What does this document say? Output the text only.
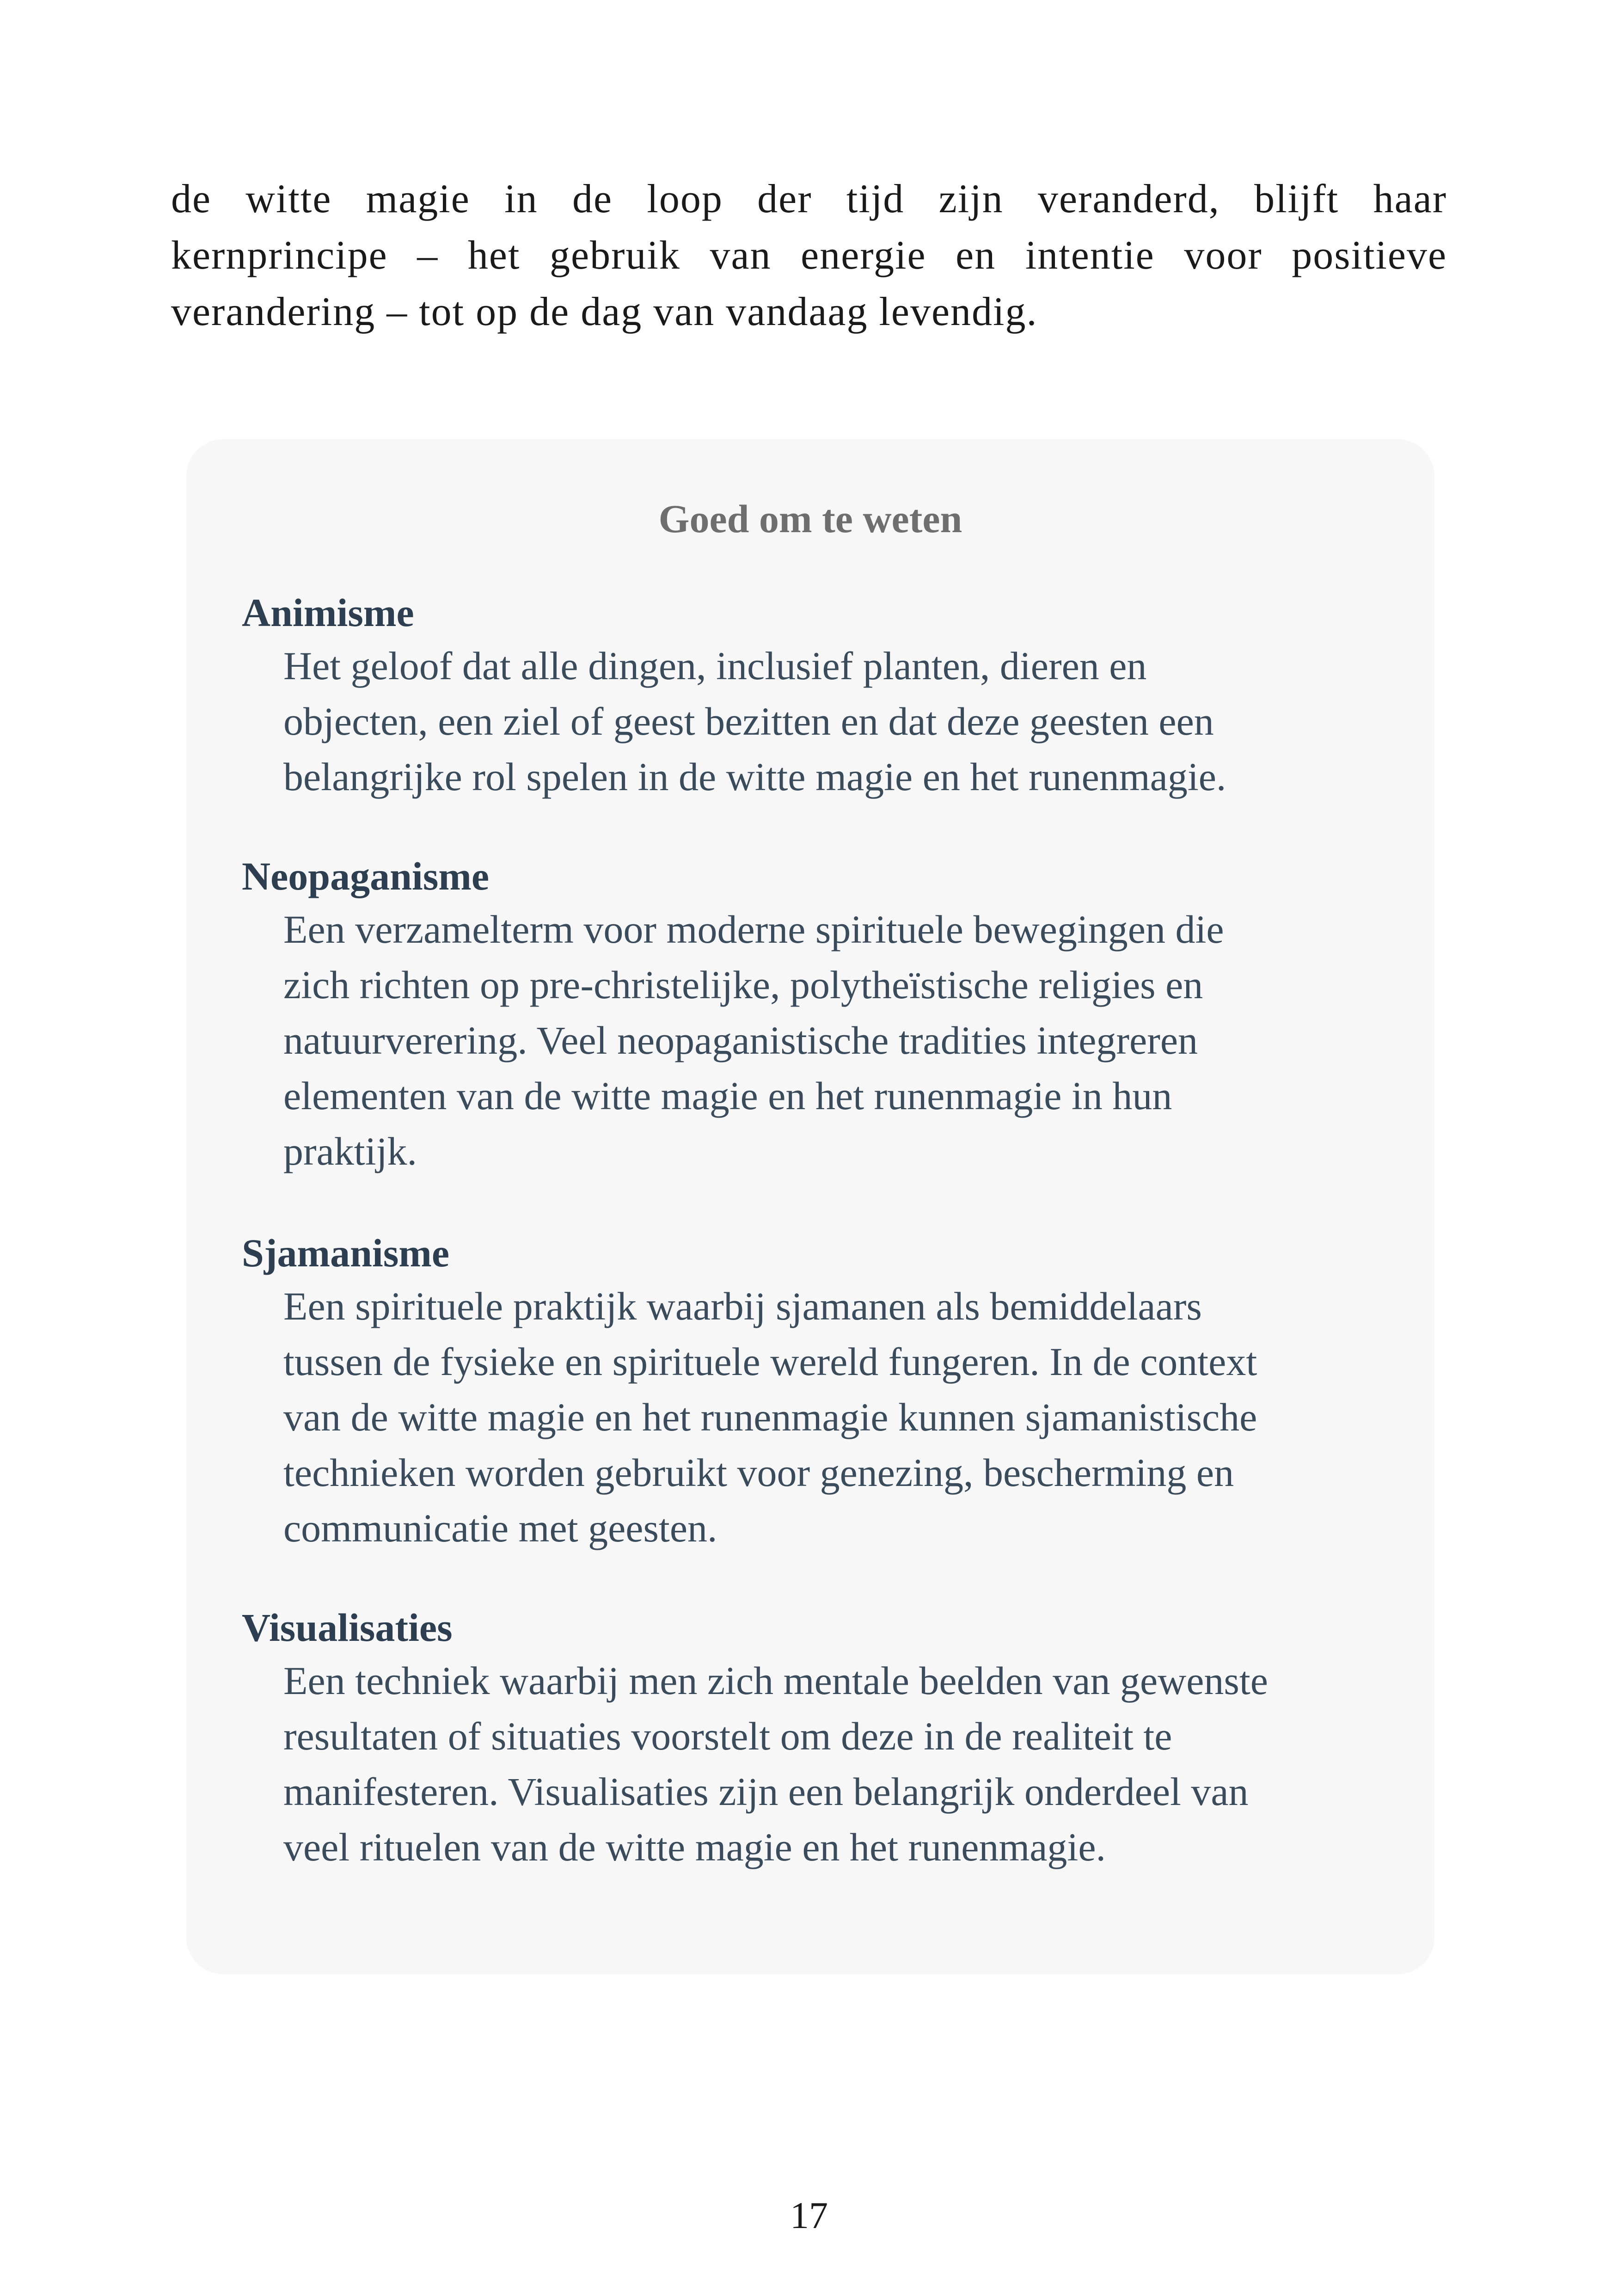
de witte magie in de loop der tijd zijn veranderd, blijft haar
kernprincipe – het gebruik van energie en intentie voor positieve
verandering – tot op de dag van vandaag levendig.
Goed om te weten
Animisme
Het geloof dat alle dingen, inclusief planten, dieren en
objecten, een ziel of geest bezitten en dat deze geesten een
belangrijke rol spelen in de witte magie en het runenmagie.
Neopaganisme
Een verzamelterm voor moderne spirituele bewegingen die
zich richten op pre-christelijke, polytheïstische religies en
natuurverering. Veel neopaganistische tradities integreren
elementen van de witte magie en het runenmagie in hun
praktijk.
Sjamanisme
Een spirituele praktijk waarbij sjamanen als bemiddelaars
tussen de fysieke en spirituele wereld fungeren. In de context
van de witte magie en het runenmagie kunnen sjamanistische
technieken worden gebruikt voor genezing, bescherming en
communicatie met geesten.
Visualisaties
Een techniek waarbij men zich mentale beelden van gewenste
resultaten of situaties voorstelt om deze in de realiteit te
manifesteren. Visualisaties zijn een belangrijk onderdeel van
veel rituelen van de witte magie en het runenmagie.
17
